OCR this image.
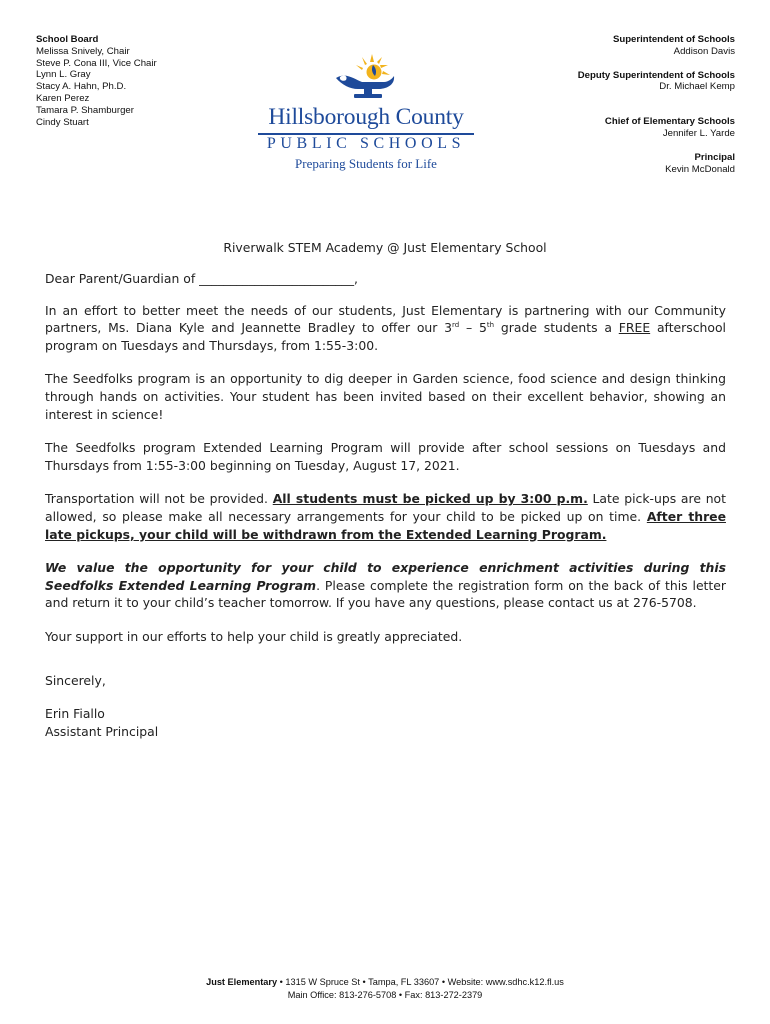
School Board
Melissa Snively, Chair
Steve P. Cona III, Vice Chair
Lynn L. Gray
Stacy A. Hahn, Ph.D.
Karen Perez
Tamara P. Shamburger
Cindy Stuart	Hillsborough County
PUBLIC SCHOOLS
Preparing Students for Life
Superintendent of Schools
Addison Davis
Deputy Superintendent of Schools
Dr. Michael Kemp
Chief of Elementary Schools
Jennifer L. Yarde
Principal
Kevin McDonald
Riverwalk STEM Academy @ Just Elementary School

Dear Parent/Guardian of _________________________,

In an effort to better meet the needs of our students, Just Elementary is partnering with our Community partners, Ms. Diana Kyle and Jeannette Bradley to offer our 3rd – 5th grade students a FREE afterschool program on Tuesdays and Thursdays, from 1:55-3:00.

The Seedfolks program is an opportunity to dig deeper in Garden science, food science and design thinking through hands on activities. Your student has been invited based on their excellent behavior, showing an interest in science!

The Seedfolks program Extended Learning Program will provide after school sessions on Tuesdays and Thursdays from 1:55-3:00 beginning on Tuesday, August 17, 2021.

Transportation will not be provided. All students must be picked up by 3:00 p.m. Late pick-ups are not allowed, so please make all necessary arrangements for your child to be picked up on time. After three late pickups, your child will be withdrawn from the Extended Learning Program.

We value the opportunity for your child to experience enrichment activities during this Seedfolks Extended Learning Program. Please complete the registration form on the back of this letter and return it to your child’s teacher tomorrow. If you have any questions, please contact us at 276-5708.

Your support in our efforts to help your child is greatly appreciated.

Sincerely,

Erin Fiallo
Assistant Principal
Just Elementary • 1315 W Spruce St • Tampa, FL 33607 • Website: www.sdhc.k12.fl.us
Main Office: 813-276-5708 • Fax: 813-272-2379
